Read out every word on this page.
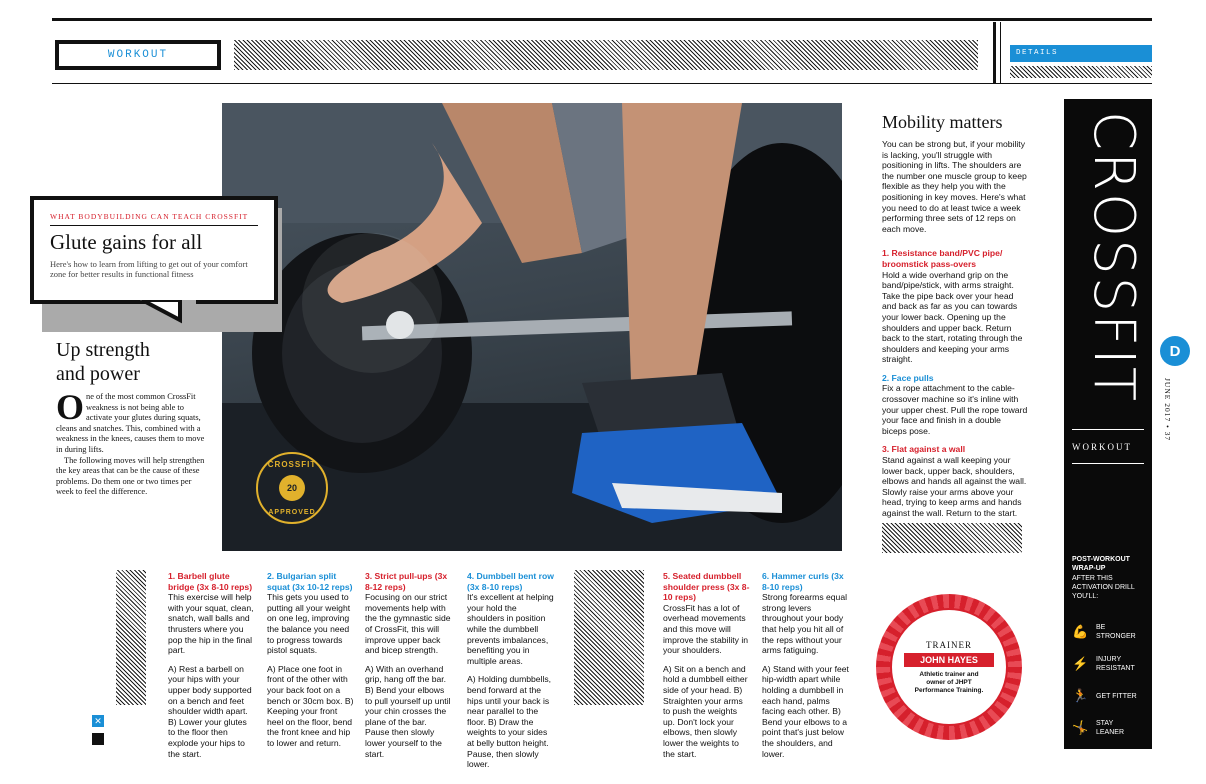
WORKOUT	DETAILS
CROSSFIT
20
APPROVED
WHAT BODYBUILDING CAN TEACH CROSSFIT
Glute gains for all
Here's how to learn from lifting to get out of your comfort zone for better results in functional fitness
Up strength and power
O ne of the most common CrossFit weakness is not being able to activate your glutes during squats, cleans and snatches. This, combined with a weakness in the knees, causes them to move in during lifts.

The following moves will help strengthen the key areas that can be the cause of these problems. Do them one or two times per week to feel the difference.
✕

1. Barbell glute bridge (3x 8-10 reps)

This exercise will help with your squat, clean, snatch, wall balls and thrusters where you pop the hip in the final part.

A) Rest a barbell on your hips with your upper body supported on a bench and feet shoulder width apart. B) Lower your glutes to the floor then explode your hips to the start.

2. Bulgarian split squat (3x 10-12 reps)

This gets you used to putting all your weight on one leg, improving the balance you need to progress towards pistol squats.

A) Place one foot in front of the other with your back foot on a bench or 30cm box. B) Keeping your front heel on the floor, bend the front knee and hip to lower and return.

3. Strict pull-ups (3x 8-12 reps)

Focusing on our strict movements help with the the gymnastic side of CrossFit, this will improve upper back and bicep strength.

A) With an overhand grip, hang off the bar. B) Bend your elbows to pull yourself up until your chin crosses the plane of the bar. Pause then slowly lower yourself to the start.

4. Dumbbell bent row (3x 8-10 reps)

It's excellent at helping your hold the shoulders in position while the dumbbell prevents imbalances, benefiting you in multiple areas.

A) Holding dumbbells, bend forward at the hips until your back is near parallel to the floor. B) Draw the weights to your sides at belly button height. Pause, then slowly lower.

5. Seated dumbbell shoulder press (3x 8-10 reps)

CrossFit has a lot of overhead movements and this move will improve the stability in your shoulders.

A) Sit on a bench and hold a dumbbell either side of your head. B) Straighten your arms to push the weights up. Don't lock your elbows, then slowly lower the weights to the start.

6. Hammer curls (3x 8-10 reps)

Strong forearms equal strong levers throughout your body that help you hit all of the reps without your arms fatiguing.

A) Stand with your feet hip-width apart while holding a dumbbell in each hand, palms facing each other. B) Bend your elbows to a point that's just below the shoulders, and lower.

TRAINER
JOHN HAYES
Athletic trainer and owner of JHPT Performance Training.
Mobility matters
You can be strong but, if your mobility is lacking, you'll struggle with positioning in lifts. The shoulders are the number one muscle group to keep flexible as they help you with the positioning in key moves. Here's what you need to do at least twice a week performing three sets of 12 reps on each move.
1. Resistance band/PVC pipe/ broomstick pass-overs
Hold a wide overhand grip on the band/pipe/stick, with arms straight. Take the pipe back over your head and back as far as you can towards your lower back. Opening up the shoulders and upper back. Return back to the start, rotating through the shoulders and keeping your arms straight.
2. Face pulls
Fix a rope attachment to the cable-crossover machine so it's inline with your upper chest. Pull the rope toward your face and finish in a double biceps pose.
3. Flat against a wall
Stand against a wall keeping your lower back, upper back, shoulders, elbows and hands all against the wall. Slowly raise your arms above your head, trying to keep arms and hands against the wall. Return to the start.
CROSSFIT
WORKOUT
POST-WORKOUT WRAP-UP
AFTER THIS ACTIVATION DRILL YOU'LL:
💪	BE STRONGER
⚡	INJURY RESISTANT
🏃	GET FITTER
🤸	STAY LEANER
D
JUNE 2017 • 37
